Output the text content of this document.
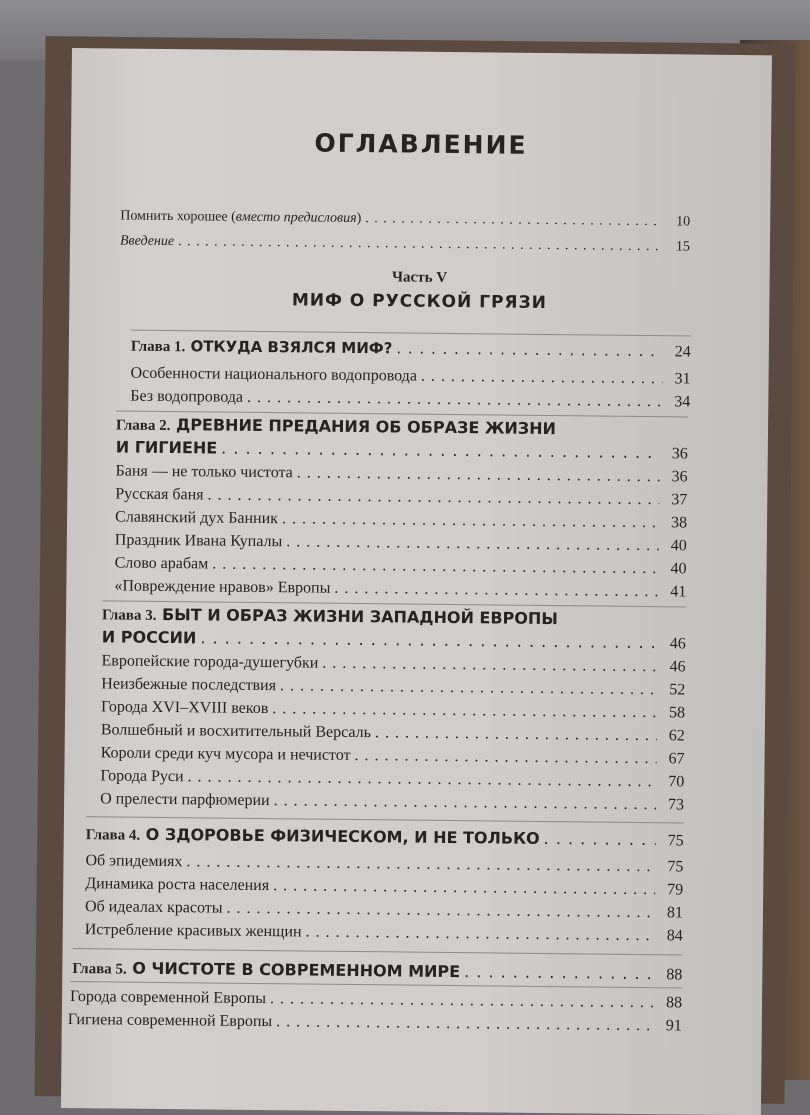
ОГЛАВЛЕНИЕ
Помнить хорошее (вместо предисловия) . . .	10
Введение . . .	15
Часть V
МИФ О РУССКОЙ ГРЯЗИ
Глава 1. ОТКУДА ВЗЯЛСЯ МИФ? . . .	24
Особенности национального водопровода . . .	31
Без водопровода . . .	34
Глава 2. ДРЕВНИЕ ПРЕДАНИЯ ОБ ОБРАЗЕ ЖИЗНИ
И ГИГИЕНЕ . . .	36
Баня — не только чистота . . .	36
Русская баня . . .	37
Славянский дух Банник . . .	38
Праздник Ивана Купалы . . .	40
Слово арабам . . .	40
«Повреждение нравов» Европы . . .	41
Глава 3. БЫТ И ОБРАЗ ЖИЗНИ ЗАПАДНОЙ ЕВРОПЫ
И РОССИИ . . .	46
Европейские города-душегубки . . .	46
Неизбежные последствия . . .	52
Города XVI–XVIII веков . . .	58
Волшебный и восхитительный Версаль . . .	62
Короли среди куч мусора и нечистот . . .	67
Города Руси . . .	70
О прелести парфюмерии . . .	73
Глава 4. О ЗДОРОВЬЕ ФИЗИЧЕСКОМ, И НЕ ТОЛЬКО . . .	75
Об эпидемиях . . .	75
Динамика роста населения . . .	79
Об идеалах красоты . . .	81
Истребление красивых женщин . . .	84
Глава 5. О ЧИСТОТЕ В СОВРЕМЕННОМ МИРЕ . . .	88
Города современной Европы . . .	88
Гигиена современной Европы . . .	91
